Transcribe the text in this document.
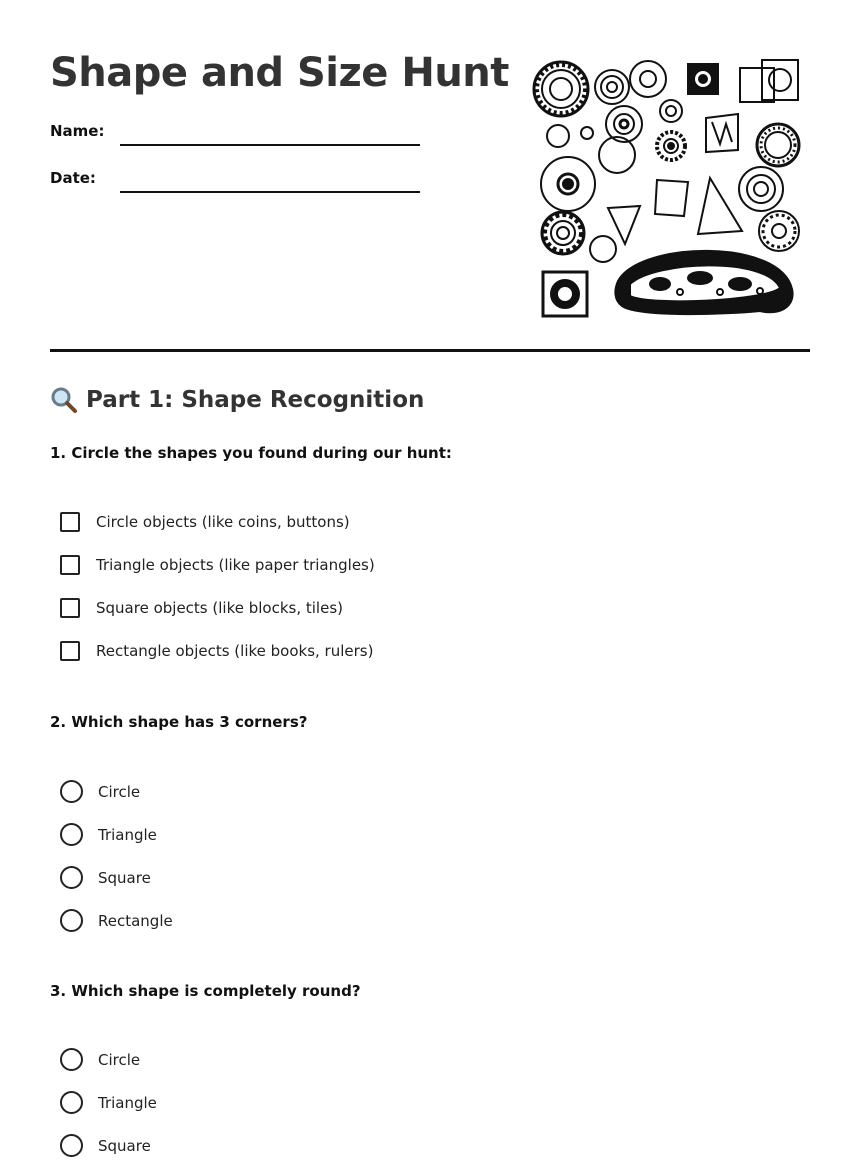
Shape and Size Hunt
Name:
Date:
Part 1: Shape Recognition

1. Circle the shapes you found during our hunt:

Circle objects (like coins, buttons)
Triangle objects (like paper triangles)
Square objects (like blocks, tiles)
Rectangle objects (like books, rulers)

2. Which shape has 3 corners?

Circle
Triangle
Square
Rectangle

3. Which shape is completely round?

Circle
Triangle
Square
